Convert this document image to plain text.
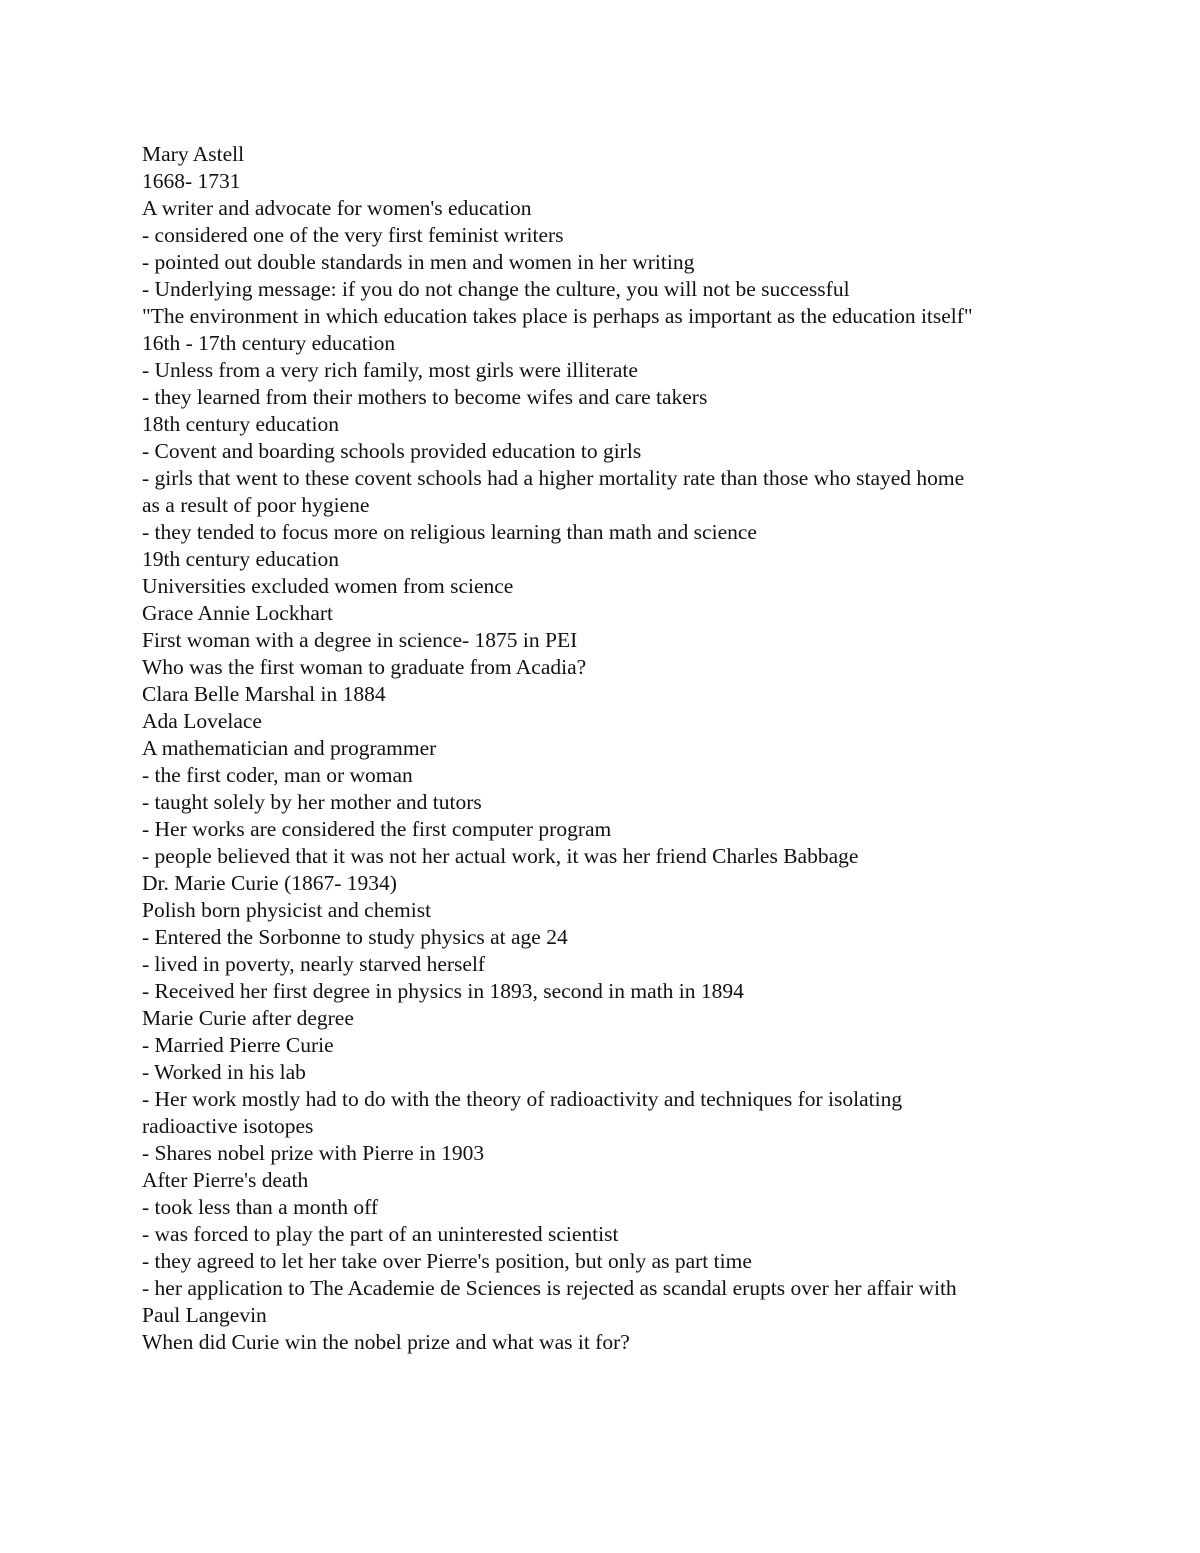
Mary Astell
1668- 1731
A writer and advocate for women's education
- considered one of the very first feminist writers
- pointed out double standards in men and women in her writing
- Underlying message: if you do not change the culture, you will not be successful
"The environment in which education takes place is perhaps as important as the education itself"
16th - 17th century education
- Unless from a very rich family, most girls were illiterate
- they learned from their mothers to become wifes and care takers
18th century education
- Covent and boarding schools provided education to girls
- girls that went to these covent schools had a higher mortality rate than those who stayed home
as a result of poor hygiene
- they tended to focus more on religious learning than math and science
19th century education
Universities excluded women from science
Grace Annie Lockhart
First woman with a degree in science- 1875 in PEI
Who was the first woman to graduate from Acadia?
Clara Belle Marshal in 1884
Ada Lovelace
A mathematician and programmer
- the first coder, man or woman
- taught solely by her mother and tutors
- Her works are considered the first computer program
- people believed that it was not her actual work, it was her friend Charles Babbage
Dr. Marie Curie (1867- 1934)
Polish born physicist and chemist
- Entered the Sorbonne to study physics at age 24
- lived in poverty, nearly starved herself
- Received her first degree in physics in 1893, second in math in 1894
Marie Curie after degree
- Married Pierre Curie
- Worked in his lab
- Her work mostly had to do with the theory of radioactivity and techniques for isolating
radioactive isotopes
- Shares nobel prize with Pierre in 1903
After Pierre's death
- took less than a month off
- was forced to play the part of an uninterested scientist
- they agreed to let her take over Pierre's position, but only as part time
- her application to The Academie de Sciences is rejected as scandal erupts over her affair with
Paul Langevin
When did Curie win the nobel prize and what was it for?
